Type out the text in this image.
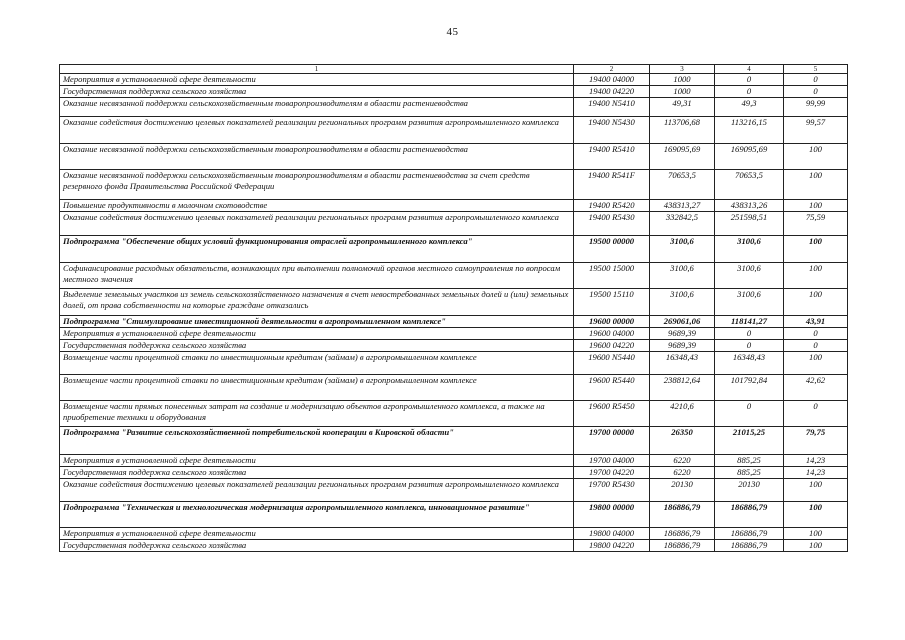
45
1	2	3	4	5
Мероприятия в установленной сфере деятельности	19400 04000	1000	0	0
Государственная поддержка сельского хозяйства	19400 04220	1000	0	0
Оказание несвязанной поддержки сельскохозяйственным товаропроизводителям в области растениеводства	19400 N5410	49,31	49,3	99,99
Оказание содействия достижению целевых показателей реализации региональных программ развития агропромышленного комплекса	19400 N5430	113706,68	113216,15	99,57
Оказание несвязанной поддержки сельскохозяйственным товаропроизводителям в области растениеводства	19400 R5410	169095,69	169095,69	100
Оказание несвязанной поддержки сельскохозяйственным товаропроизводителям в области растениеводства за счет средств резервного фонда Правительства Российской Федерации	19400 R541F	70653,5	70653,5	100
Повышение продуктивности в молочном скотоводстве	19400 R5420	438313,27	438313,26	100
Оказание содействия достижению целевых показателей реализации региональных программ развития агропромышленного комплекса	19400 R5430	332842,5	251598,51	75,59
Подпрограмма "Обеспечение общих условий функционирования отраслей агропромышленного комплекса"	19500 00000	3100,6	3100,6	100
Софинансирование расходных обязательств, возникающих при выполнении полномочий органов местного самоуправления по вопросам местного значения	19500 15000	3100,6	3100,6	100
Выделение земельных участков из земель сельскохозяйственного назначения в счет невостребованных земельных долей и (или) земельных долей, от права собственности на которые граждане отказались	19500 15110	3100,6	3100,6	100
Подпрограмма "Стимулирование инвестиционной деятельности в агропромышленном комплексе"	19600 00000	269061,06	118141,27	43,91
Мероприятия в установленной сфере деятельности	19600 04000	9689,39	0	0
Государственная поддержка сельского хозяйства	19600 04220	9689,39	0	0
Возмещение части процентной ставки по инвестиционным кредитам (займам) в агропромышленном комплексе	19600 N5440	16348,43	16348,43	100
Возмещение части процентной ставки по инвестиционным кредитам (займам) в агропромышленном комплексе	19600 R5440	238812,64	101792,84	42,62
Возмещение части прямых понесенных затрат на создание и модернизацию объектов агропромышленного комплекса, а также на приобретение техники и оборудования	19600 R5450	4210,6	0	0
Подпрограмма "Развитие сельскохозяйственной потребительской кооперации в Кировской области"	19700 00000	26350	21015,25	79,75
Мероприятия в установленной сфере деятельности	19700 04000	6220	885,25	14,23
Государственная поддержка сельского хозяйства	19700 04220	6220	885,25	14,23
Оказание содействия достижению целевых показателей реализации региональных программ развития агропромышленного комплекса	19700 R5430	20130	20130	100
Подпрограмма "Техническая и технологическая модернизация агропромышленного комплекса, инновационное развитие"	19800 00000	186886,79	186886,79	100
Мероприятия в установленной сфере деятельности	19800 04000	186886,79	186886,79	100
Государственная поддержка сельского хозяйства	19800 04220	186886,79	186886,79	100
